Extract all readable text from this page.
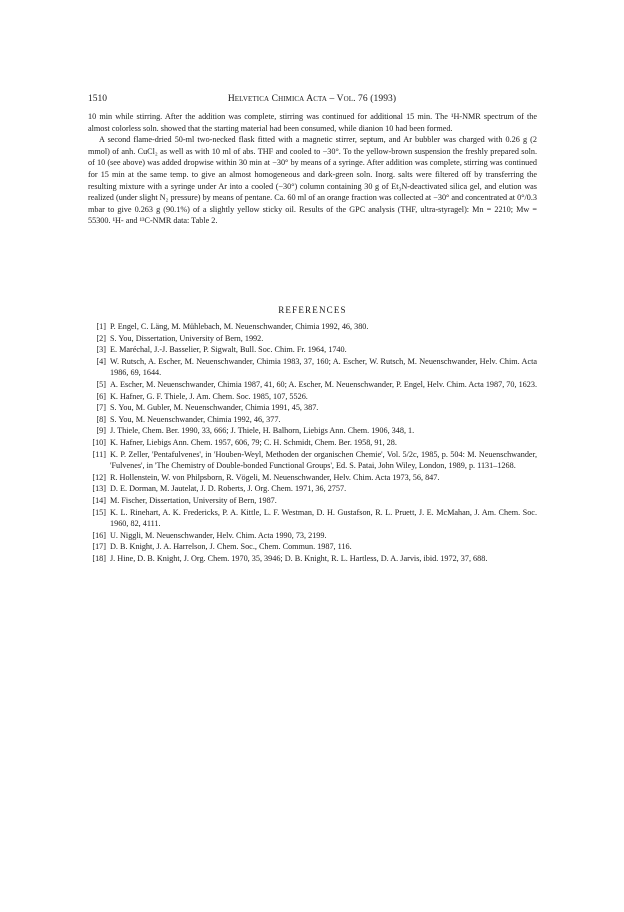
1510	Helvetica Chimica Acta – Vol. 76 (1993)

10 min while stirring. After the addition was complete, stirring was continued for additional 15 min. The ¹H-NMR spectrum of the almost colorless soln. showed that the starting material had been consumed, while dianion 10 had been formed.

A second flame-dried 50-ml two-necked flask fitted with a magnetic stirrer, septum, and Ar bubbler was charged with 0.26 g (2 mmol) of anh. CuCl₂ as well as with 10 ml of abs. THF and cooled to −30°. To the yellow-brown suspension the freshly prepared soln. of 10 (see above) was added dropwise within 30 min at −30° by means of a syringe. After addition was complete, stirring was continued for 15 min at the same temp. to give an almost homogeneous and dark-green soln. Inorg. salts were filtered off by transferring the resulting mixture with a syringe under Ar into a cooled (−30°) column containing 30 g of Et₃N-deactivated silica gel, and elution was realized (under slight N₂ pressure) by means of pentane. Ca. 60 ml of an orange fraction was collected at −30° and concentrated at 0°/0.3 mbar to give 0.263 g (90.1%) of a slightly yellow sticky oil. Results of the GPC analysis (THF, ultra-styragel): Mn = 2210; Mw = 55300. ¹H- and ¹³C-NMR data: Table 2.

REFERENCES
[1] P. Engel, C. Läng, M. Mühlebach, M. Neuenschwander, Chimia 1992, 46, 380.
[2] S. You, Dissertation, University of Bern, 1992.
[3] E. Maréchal, J.-J. Basselier, P. Sigwalt, Bull. Soc. Chim. Fr. 1964, 1740.
[4] W. Rutsch, A. Escher, M. Neuenschwander, Chimia 1983, 37, 160; A. Escher, W. Rutsch, M. Neuenschwander, Helv. Chim. Acta 1986, 69, 1644.
[5] A. Escher, M. Neuenschwander, Chimia 1987, 41, 60; A. Escher, M. Neuenschwander, P. Engel, Helv. Chim. Acta 1987, 70, 1623.
[6] K. Hafner, G. F. Thiele, J. Am. Chem. Soc. 1985, 107, 5526.
[7] S. You, M. Gubler, M. Neuenschwander, Chimia 1991, 45, 387.
[8] S. You, M. Neuenschwander, Chimia 1992, 46, 377.
[9] J. Thiele, Chem. Ber. 1990, 33, 666; J. Thiele, H. Balhorn, Liebigs Ann. Chem. 1906, 348, 1.
[10] K. Hafner, Liebigs Ann. Chem. 1957, 606, 79; C. H. Schmidt, Chem. Ber. 1958, 91, 28.
[11] K. P. Zeller, 'Pentafulvenes', in 'Houben-Weyl, Methoden der organischen Chemie', Vol. 5/2c, 1985, p. 504: M. Neuenschwander, 'Fulvenes', in 'The Chemistry of Double-bonded Functional Groups', Ed. S. Patai, John Wiley, London, 1989, p. 1131–1268.
[12] R. Hollenstein, W. von Philpsborn, R. Vögeli, M. Neuenschwander, Helv. Chim. Acta 1973, 56, 847.
[13] D. E. Dorman, M. Jautelat, J. D. Roberts, J. Org. Chem. 1971, 36, 2757.
[14] M. Fischer, Dissertation, University of Bern, 1987.
[15] K. L. Rinehart, A. K. Fredericks, P. A. Kittle, L. F. Westman, D. H. Gustafson, R. L. Pruett, J. E. McMahan, J. Am. Chem. Soc. 1960, 82, 4111.
[16] U. Niggli, M. Neuenschwander, Helv. Chim. Acta 1990, 73, 2199.
[17] D. B. Knight, J. A. Harrelson, J. Chem. Soc., Chem. Commun. 1987, 116.
[18] J. Hine, D. B. Knight, J. Org. Chem. 1970, 35, 3946; D. B. Knight, R. L. Hartless, D. A. Jarvis, ibid. 1972, 37, 688.
